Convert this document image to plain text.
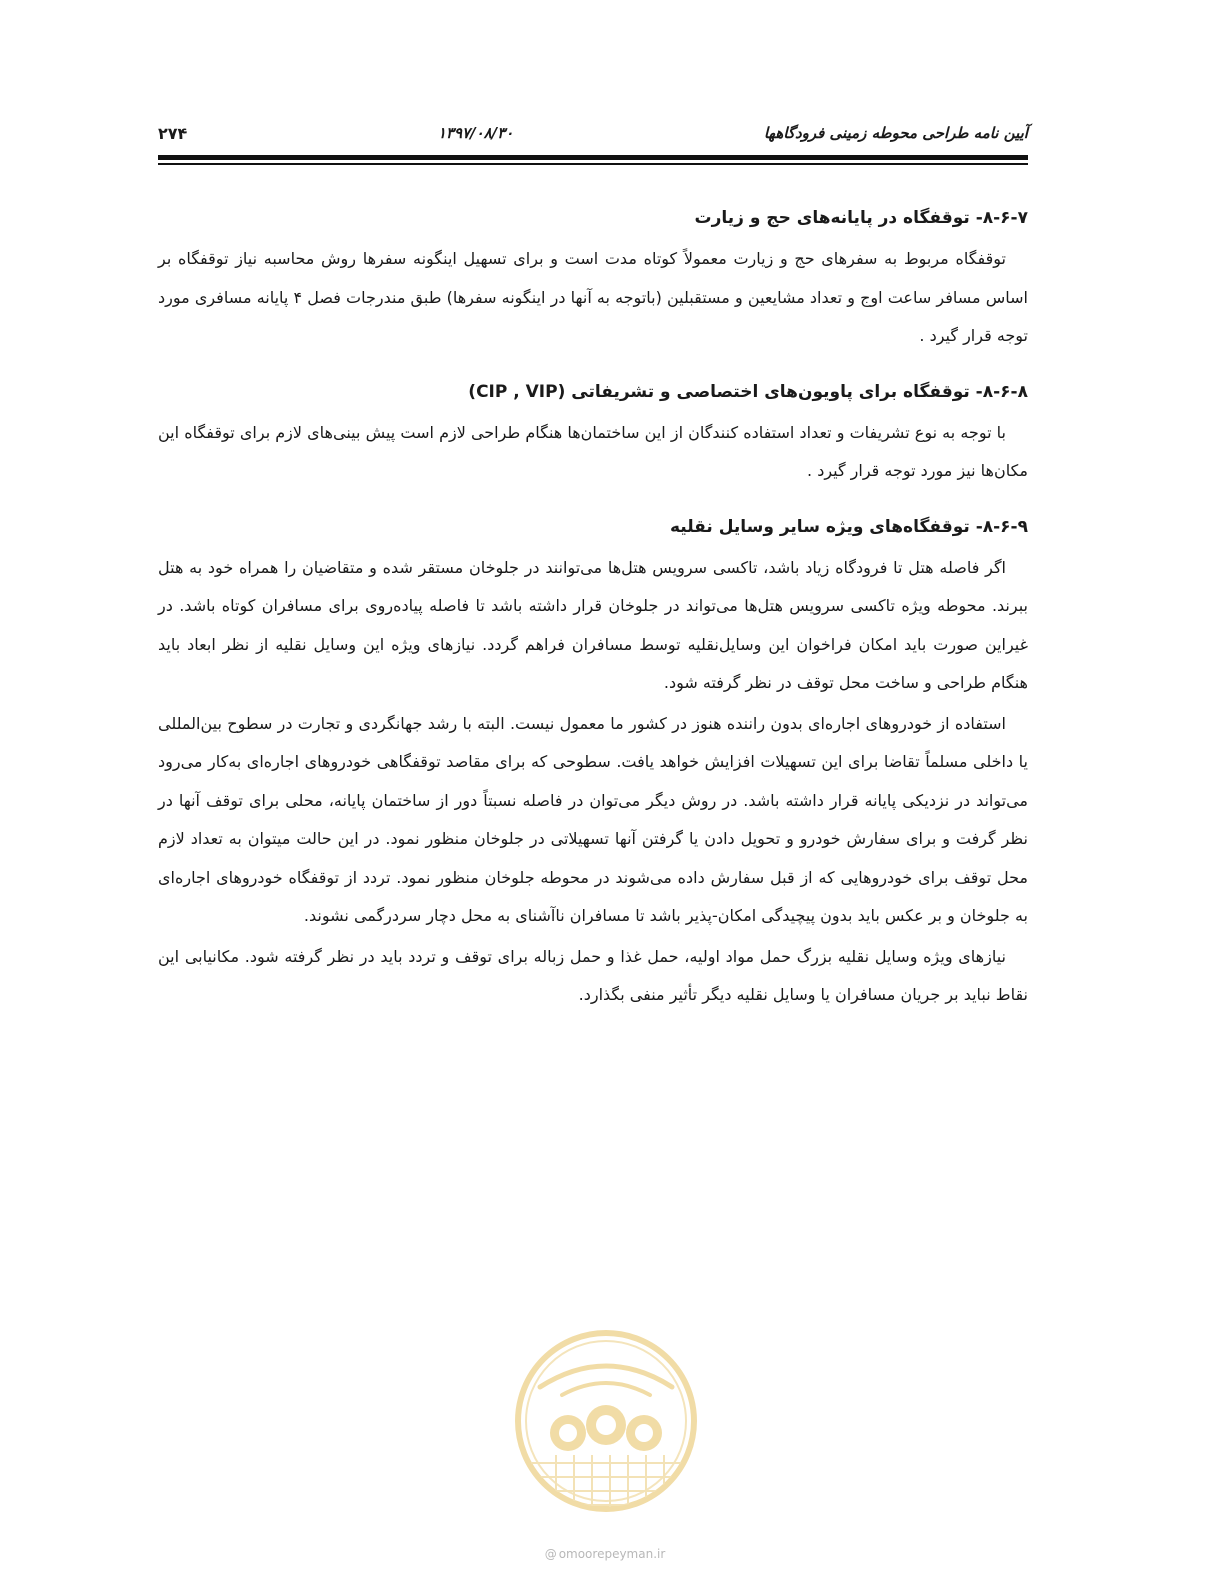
۲۷۴	۱۳۹۷/۰۸/۳۰	آیین نامه طراحی محوطه زمینی فرودگاهها
۸-۶-۷- توقفگاه در پایانه‌های حج و زیارت

توقفگاه مربوط به سفرهای حج و زیارت معمولاً کوتاه مدت است و برای تسهیل اینگونه سفرها روش محاسبه نیاز توقفگاه بر اساس مسافر ساعت اوج و تعداد مشایعین و مستقبلین (باتوجه به آنها در اینگونه سفرها) طبق مندرجات فصل ۴ پایانه مسافری مورد توجه قرار گیرد .

۸-۶-۸- توقفگاه برای پاویون‌های اختصاصی و تشریفاتی (CIP , VIP)

با توجه به نوع تشریفات و تعداد استفاده کنندگان از این ساختمان‌ها هنگام طراحی لازم است پیش بینی‌های لازم برای توقفگاه این مکان‌ها نیز مورد توجه قرار گیرد .

۸-۶-۹- توقفگاه‌های ویژه سایر وسایل نقلیه

اگر فاصله هتل تا فرودگاه زیاد باشد، تاکسی سرویس هتل‌ها می‌توانند در جلوخان مستقر شده و متقاضیان را همراه خود به هتل ببرند. محوطه ویژه تاکسی سرویس هتل‌ها می‌تواند در جلوخان قرار داشته باشد تا فاصله پیاده‌روی برای مسافران کوتاه باشد. در غیراین صورت باید امکان فراخوان این وسایل‌نقلیه توسط مسافران فراهم گردد. نیازهای ویژه این وسایل نقلیه از نظر ابعاد باید هنگام طراحی و ساخت محل توقف در نظر گرفته شود.

استفاده از خودروهای اجاره‌ای بدون راننده هنوز در کشور ما معمول نیست. البته با رشد جهانگردی و تجارت در سطوح بین‌المللی یا داخلی مسلماً تقاضا برای این تسهیلات افزایش خواهد یافت. سطوحی که برای مقاصد توقفگاهی خودروهای اجاره‌ای به‌کار می‌رود می‌تواند در نزدیکی پایانه قرار داشته باشد. در روش دیگر می‌توان در فاصله نسبتاً دور از ساختمان پایانه، محلی برای توقف آنها در نظر گرفت و برای سفارش خودرو و تحویل دادن یا گرفتن آنها تسهیلاتی در جلوخان منظور نمود. در این حالت میتوان به تعداد لازم محل توقف برای خودروهایی که از قبل سفارش داده می‌شوند در محوطه جلوخان منظور نمود. تردد از توقفگاه خودروهای اجاره‌ای به جلوخان و بر عکس باید بدون پیچیدگی امکان-پذیر باشد تا مسافران ناآشنای به محل دچار سردرگمی نشوند.

نیازهای ویژه وسایل نقلیه بزرگ حمل مواد اولیه، حمل غذا و حمل زباله برای توقف و تردد باید در نظر گرفته شود. مکانیابی این نقاط نباید بر جریان مسافران یا وسایل نقلیه دیگر تأثیر منفی بگذارد.

@ omoorepeyman.ir
